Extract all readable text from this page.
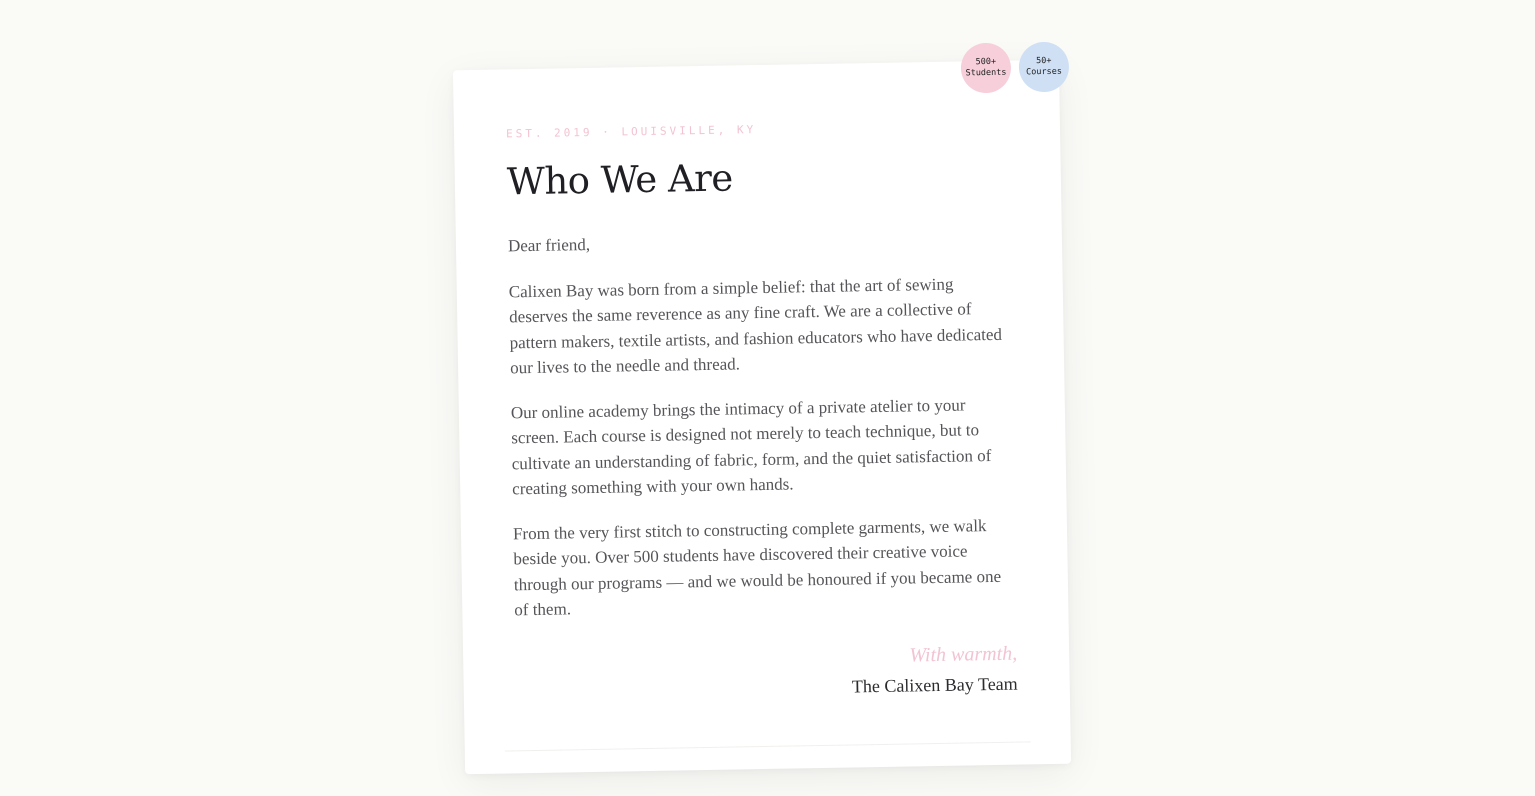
EST. 2019 · LOUISVILLE, KY

Who We Are

Dear friend,

Calixen Bay was born from a simple belief: that the art of sewing deserves the same reverence as any fine craft. We are a collective of pattern makers, textile artists, and fashion educators who have dedicated our lives to the needle and thread.

Our online academy brings the intimacy of a private atelier to your screen. Each course is designed not merely to teach technique, but to cultivate an understanding of fabric, form, and the quiet satisfaction of creating something with your own hands.

From the very first stitch to constructing complete garments, we walk beside you. Over 500 students have discovered their creative voice through our programs — and we would be honoured if you became one of them.

With warmth,

The Calixen Bay Team

500+
Students
50+
Courses
